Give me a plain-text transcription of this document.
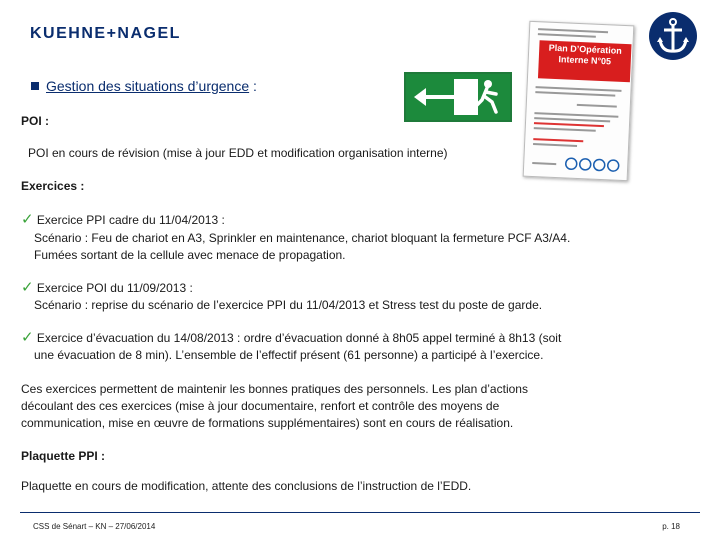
KUEHNE+NAGEL
Gestion des situations d’urgence :
Plan D’Opération
Interne N°05
POI :
POI en cours de révision (mise à jour EDD et modification organisation interne)
Exercices :
✓ Exercice PPI cadre du 11/04/2013 :
Scénario : Feu de chariot en A3, Sprinkler en maintenance, chariot bloquant la fermeture PCF A3/A4.
Fumées sortant de la cellule avec menace de propagation.
✓ Exercice POI du 11/09/2013 :
Scénario : reprise du scénario de l’exercice PPI du 11/04/2013 et Stress test du poste de garde.
✓ Exercice d’évacuation du 14/08/2013 : ordre d’évacuation donné à 8h05 appel terminé à 8h13 (soit
une évacuation de 8 min). L’ensemble de l’effectif présent (61 personne) a participé à l’exercice.
Ces exercices permettent de maintenir les bonnes pratiques des personnels. Les plan d’actions
découlant des ces exercices (mise à jour documentaire, renfort et contrôle des moyens de
communication, mise en œuvre de formations supplémentaires) sont en cours de réalisation.
Plaquette PPI :
Plaquette en cours de modification, attente des conclusions de l’instruction de l’EDD.
CSS de Sénart – KN – 27/06/2014	p. 18
